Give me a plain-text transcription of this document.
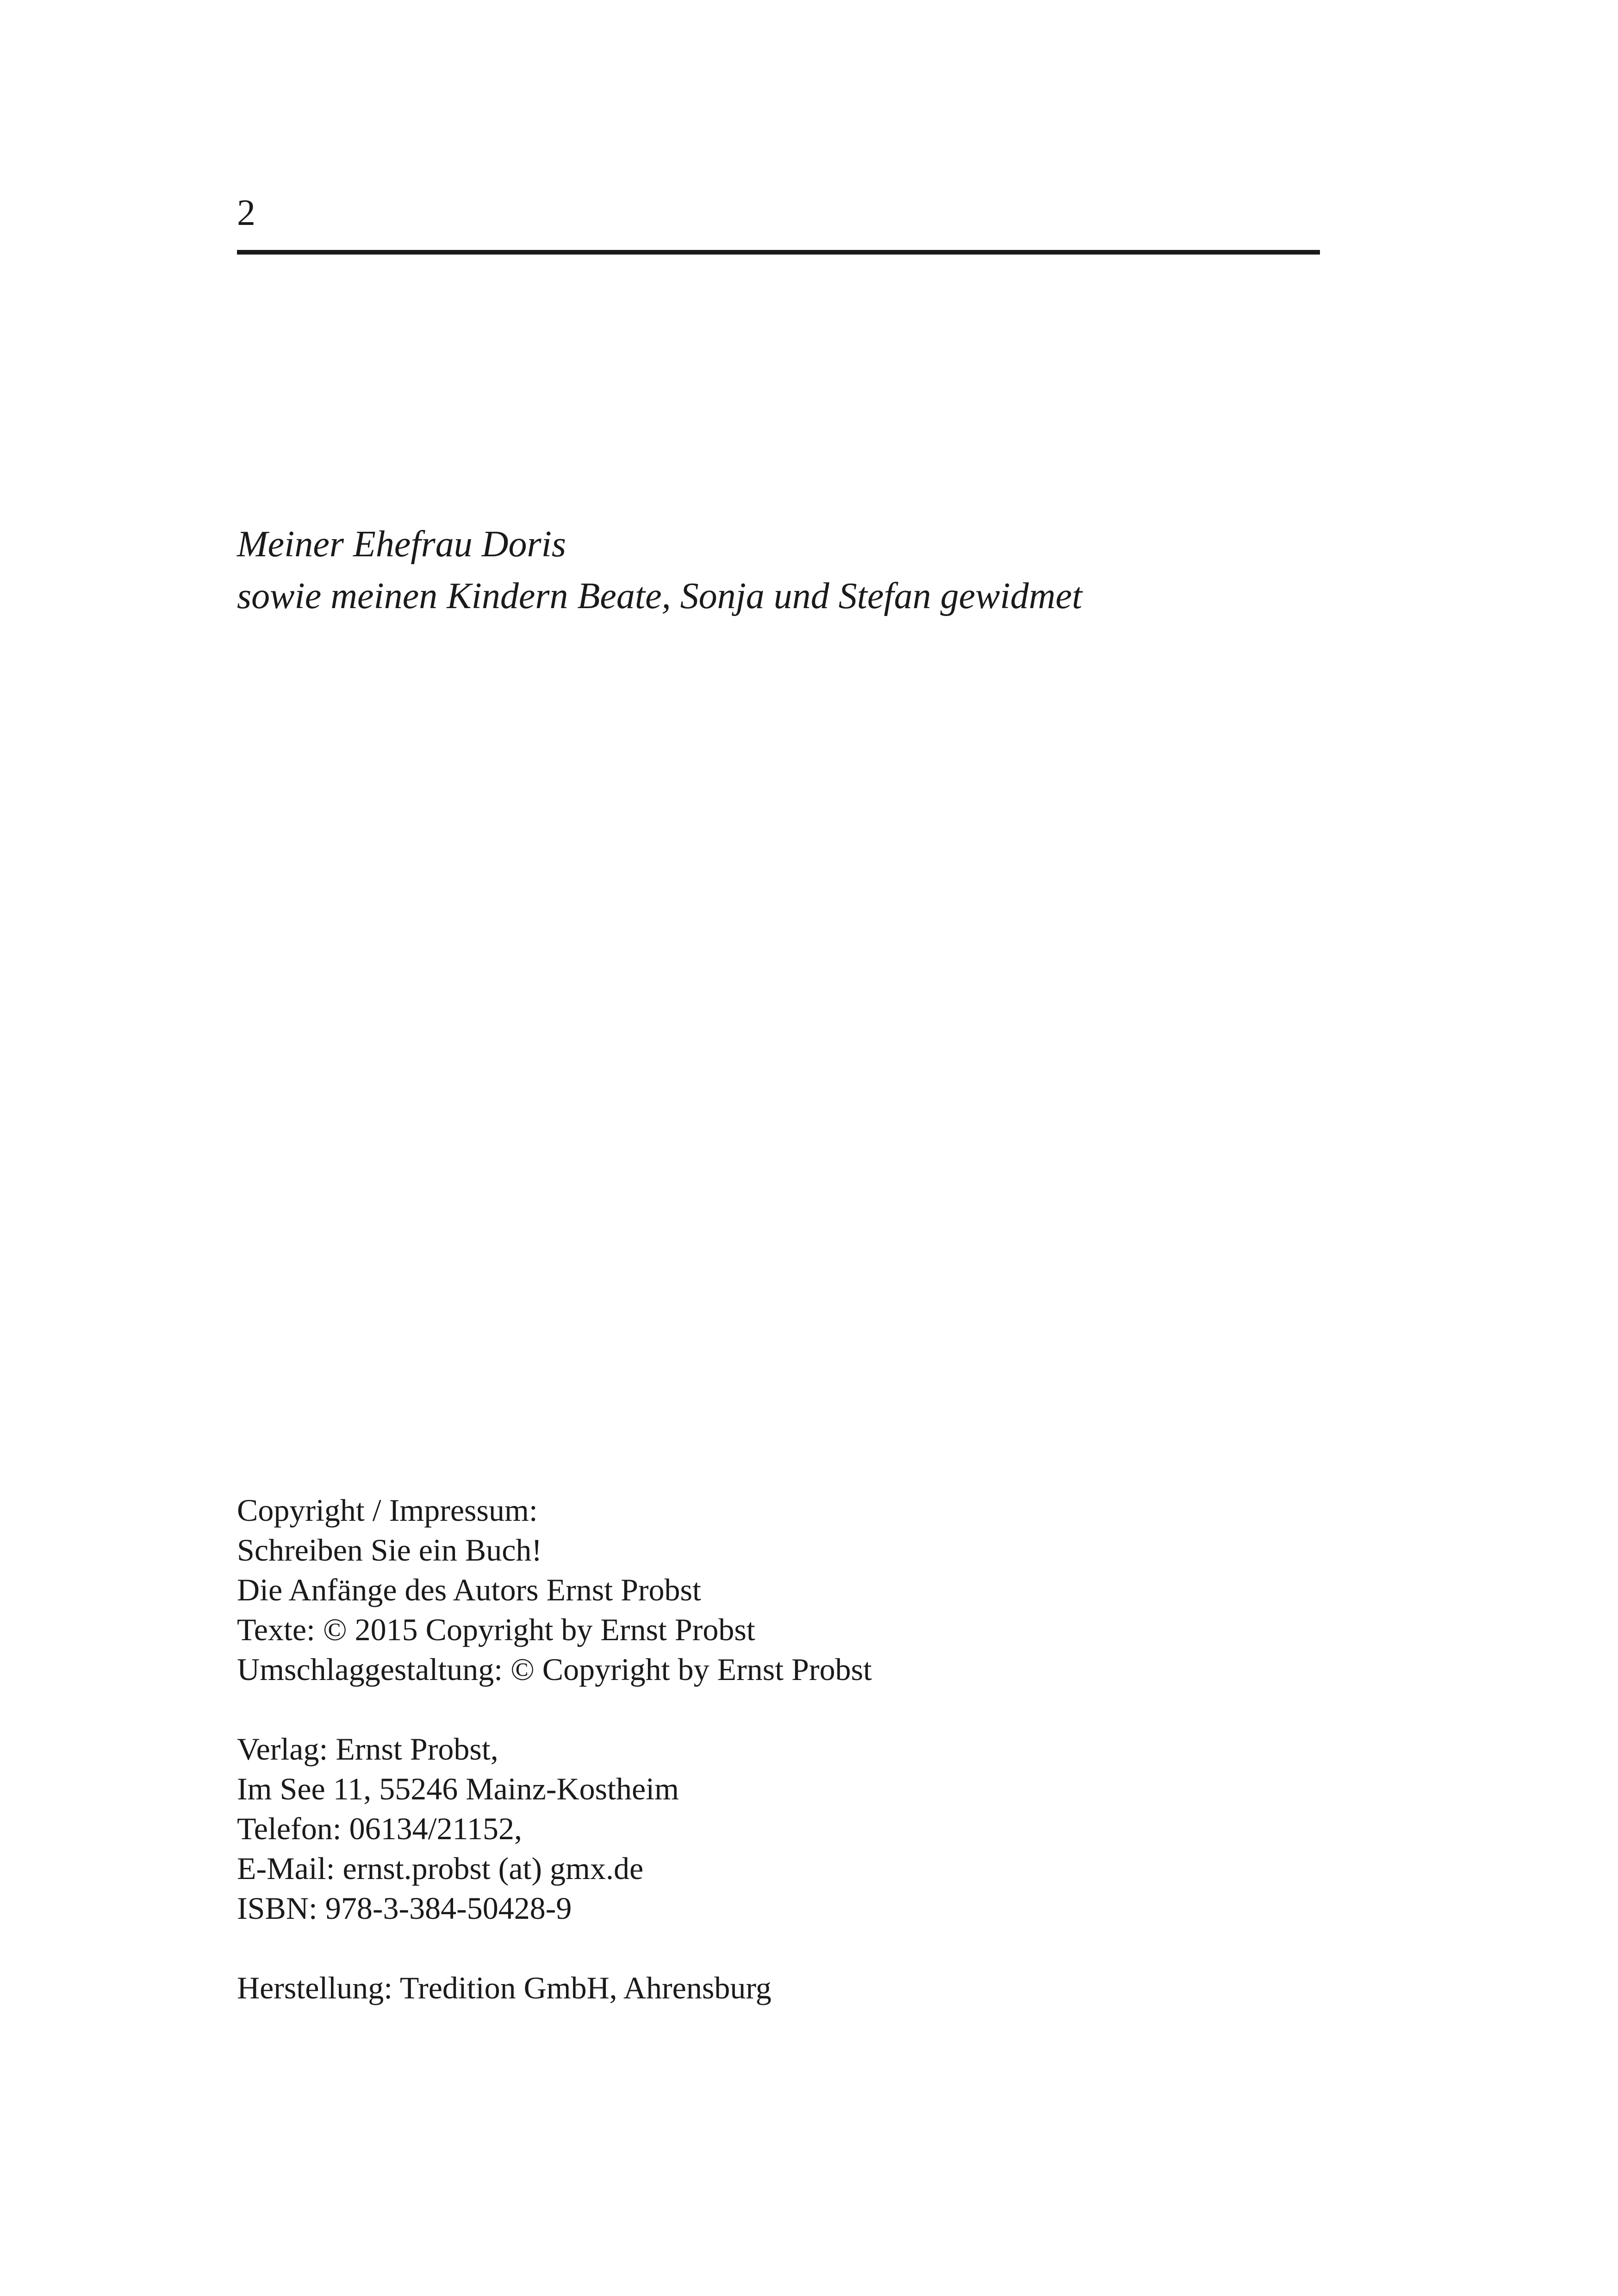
2
Meiner Ehefrau Doris
sowie meinen Kindern Beate, Sonja und Stefan gewidmet
Copyright / Impressum:
Schreiben Sie ein Buch!
Die Anfänge des Autors Ernst Probst
Texte: © 2015 Copyright by Ernst Probst
Umschlaggestaltung: © Copyright by Ernst Probst
Verlag: Ernst Probst,
Im See 11, 55246 Mainz-Kostheim
Telefon: 06134/21152,
E-Mail: ernst.probst (at) gmx.de
ISBN: 978-3-384-50428-9
Herstellung: Tredition GmbH, Ahrensburg
